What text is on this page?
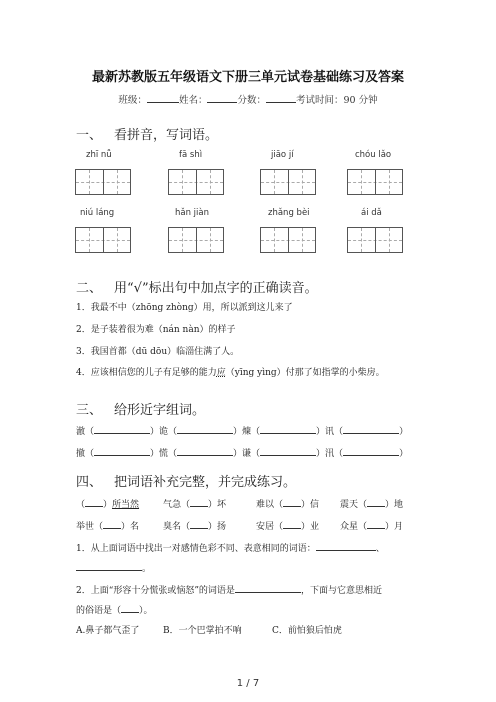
最新苏教版五年级语文下册三单元试卷基础练习及答案
班级：	姓名：	分数：	考试时间：90 分钟
一、 看拼音，写词语。
zhī nǚ	fā shì	jiāo jí	chóu lǎo
niú láng	hǎn jiàn	zhǎng bèi	ái dǎ
二、 用“√”标出句中加点字的正确读音。
1．我最不中（zhōng zhòng）用，所以派到这儿来了
2．是子装着很为难（nán nàn）的样子
3．我国首都（dū dōu）临淄住满了人。
4．应该相信您的儿子有足够的能力应（yīng yìng）付那了如指掌的小柴房。
三、 给形近字组词。
澈（	）诡（	）煉（	）讯（	）
撤（	）慌（	）谦（	）汛（	）
四、 把词语补充完整，并完成练习。
（ ）所当然	气急（ ）坏	难以（ ）信 震天（ ）地
举世（ ）名	臭名（ ）扬	安居（ ）业 众星（ ）月
1．从上面词语中找出一对感情色彩不同、表意相同的词语：	、
。
2．上面“形容十分慌张或恼怒”的词语是	，下面与它意思相近
的俗语是（ ）。
A.鼻子都气歪了	B．一个巴掌拍不响	C．前怕狼后怕虎
1 / 7
